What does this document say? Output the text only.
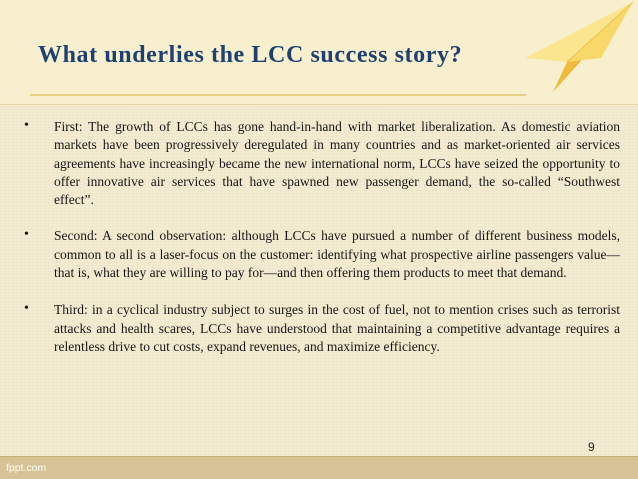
What underlies the LCC success story?
• First: The growth of LCCs has gone hand-in-hand with market liberalization. As domestic aviation markets have been progressively deregulated in many countries and as market-oriented air services agreements have increasingly became the new international norm, LCCs have seized the opportunity to offer innovative air services that have spawned new passenger demand, the so-called “Southwest effect”.
• Second: A second observation: although LCCs have pursued a number of different business models, common to all is a laser-focus on the customer: identifying what prospective airline passengers value—that is, what they are willing to pay for—and then offering them products to meet that demand.
• Third: in a cyclical industry subject to surges in the cost of fuel, not to mention crises such as terrorist attacks and health scares, LCCs have understood that maintaining a competitive advantage requires a relentless drive to cut costs, expand revenues, and maximize efficiency.
9
fppt.com
